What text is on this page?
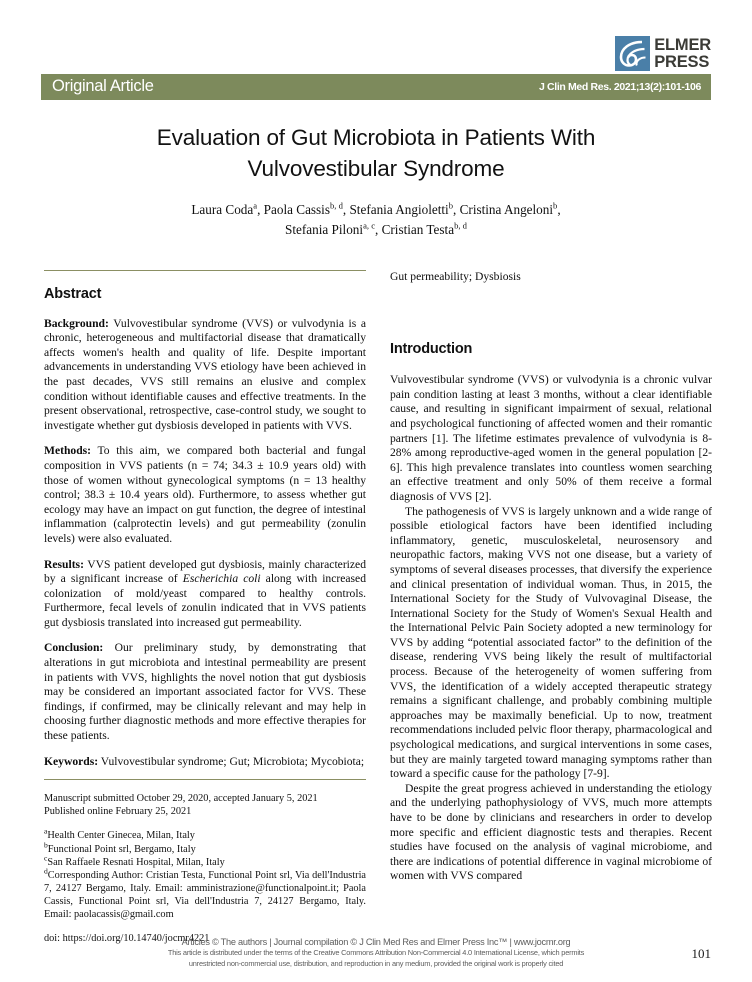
ELMER
PRESS
Original Article	J Clin Med Res. 2021;13(2):101-106
Evaluation of Gut Microbiota in Patients With Vulvovestibular Syndrome
Laura Coda$^a$, Paola Cassis$^{b, d}$, Stefania Angioletti$^b$, Cristina Angeloni$^b$,
Stefania Piloni$^{a, c}$, Cristian Testa$^{b, d}$
Abstract

Background: Vulvovestibular syndrome (VVS) or vulvodynia is a chronic, heterogeneous and multifactorial disease that dramatically affects women's health and quality of life. Despite important advancements in understanding VVS etiology have been achieved in the past decades, VVS still remains an elusive and complex condition without identifiable causes and effective treatments. In the present observational, retrospective, case-control study, we sought to investigate whether gut dysbiosis developed in patients with VVS.

Methods: To this aim, we compared both bacterial and fungal composition in VVS patients (n = 74; 34.3 ± 10.9 years old) with those of women without gynecological symptoms (n = 13 healthy control; 38.3 ± 10.4 years old). Furthermore, to assess whether gut ecology may have an impact on gut function, the degree of intestinal inflammation (calprotectin levels) and gut permeability (zonulin levels) were also evaluated.

Results: VVS patient developed gut dysbiosis, mainly characterized by a significant increase of Escherichia coli along with increased colonization of mold/yeast compared to healthy controls. Furthermore, fecal levels of zonulin indicated that in VVS patients gut dysbiosis translated into increased gut permeability.

Conclusion: Our preliminary study, by demonstrating that alterations in gut microbiota and intestinal permeability are present in patients with VVS, highlights the novel notion that gut dysbiosis may be considered an important associated factor for VVS. These findings, if confirmed, may be clinically relevant and may help in choosing further diagnostic methods and more effective therapies for these patients.

Keywords: Vulvovestibular syndrome; Gut; Microbiota; Mycobiota;

Manuscript submitted October 29, 2020, accepted January 5, 2021
Published online February 25, 2021
$^a$Health Center Ginecea, Milan, Italy
$^b$Functional Point srl, Bergamo, Italy
$^c$San Raffaele Resnati Hospital, Milan, Italy
$^d$Corresponding Author: Cristian Testa, Functional Point srl, Via dell'Industria 7, 24127 Bergamo, Italy. Email: amministrazione@functionalpoint.it; Paola Cassis, Functional Point srl, Via dell'Industria 7, 24127 Bergamo, Italy. Email: paolacassis@gmail.com
doi: https://doi.org/10.14740/jocmr4221

Gut permeability; Dysbiosis

Introduction

Vulvovestibular syndrome (VVS) or vulvodynia is a chronic vulvar pain condition lasting at least 3 months, without a clear identifiable cause, and resulting in significant impairment of sexual, relational and psychological functioning of affected women and their romantic partners [1]. The lifetime estimates prevalence of vulvodynia is 8-28% among reproductive-aged women in the general population [2-6]. This high prevalence translates into countless women searching an effective treatment and only 50% of them receive a formal diagnosis of VVS [2].

The pathogenesis of VVS is largely unknown and a wide range of possible etiological factors have been identified including inflammatory, genetic, musculoskeletal, neurosensory and neuropathic factors, making VVS not one disease, but a variety of symptoms of several diseases processes, that diversify the experience and clinical presentation of individual woman. Thus, in 2015, the International Society for the Study of Vulvovaginal Disease, the International Society for the Study of Women's Sexual Health and the International Pelvic Pain Society adopted a new terminology for VVS by adding “potential associated factor” to the definition of the disease, rendering VVS being likely the result of multifactorial process. Because of the heterogeneity of women suffering from VVS, the identification of a widely accepted therapeutic strategy remains a significant challenge, and probably combining multiple approaches may be maximally beneficial. Up to now, treatment recommendations included pelvic floor therapy, pharmacological and psychological medications, and surgical interventions in some cases, but they are mainly targeted toward managing symptoms rather than toward a specific cause for the pathology [7-9].

Despite the great progress achieved in understanding the etiology and the underlying pathophysiology of VVS, much more attempts have to be done by clinicians and researchers in order to develop more specific and efficient diagnostic tests and therapies. Recent studies have focused on the analysis of vaginal microbiome, and there are indications of potential difference in vaginal microbiome of women with VVS compared

Articles © The authors | Journal compilation © J Clin Med Res and Elmer Press Inc™ | www.jocmr.org
This article is distributed under the terms of the Creative Commons Attribution Non-Commercial 4.0 International License, which permits
unrestricted non-commercial use, distribution, and reproduction in any medium, provided the original work is properly cited
101
